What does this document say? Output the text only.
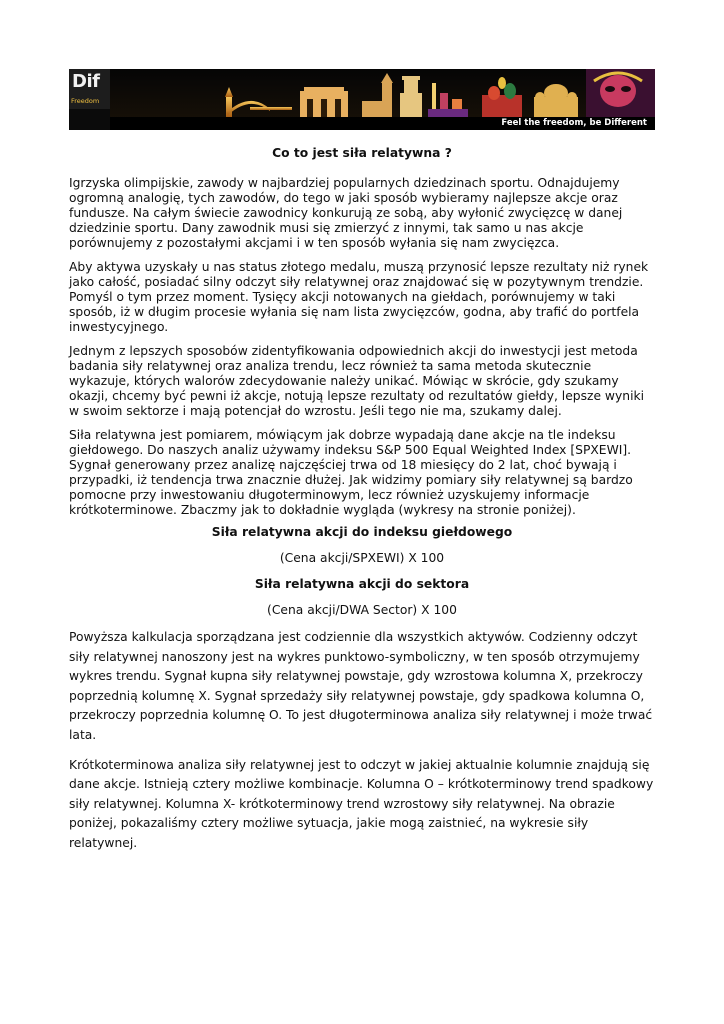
Dif
Freedom
Feel the freedom, be Different
Co to jest siła relatywna ?

Igrzyska olimpijskie, zawody w najbardziej popularnych dziedzinach sportu. Odnajdujemy ogromną analogię, tych zawodów, do tego w jaki sposób wybieramy najlepsze akcje oraz fundusze. Na całym świecie zawodnicy konkurują ze sobą, aby wyłonić zwycięzcę w danej dziedzinie sportu. Dany zawodnik musi się zmierzyć z innymi, tak samo u nas akcje porównujemy z pozostałymi akcjami i w ten sposób wyłania się nam zwycięzca.

Aby aktywa uzyskały u nas status złotego medalu, muszą przynosić lepsze rezultaty niż rynek jako całość, posiadać silny odczyt siły relatywnej oraz znajdować się w pozytywnym trendzie. Pomyśl o tym przez moment. Tysięcy akcji notowanych na giełdach, porównujemy w taki sposób, iż w długim procesie wyłania się nam lista zwycięzców, godna, aby trafić do portfela inwestycyjnego.

Jednym z lepszych sposobów zidentyfikowania odpowiednich akcji do inwestycji jest metoda badania siły relatywnej oraz analiza trendu, lecz również ta sama metoda skutecznie wykazuje, których walorów zdecydowanie należy unikać. Mówiąc w skrócie, gdy szukamy okazji, chcemy być pewni iż akcje, notują lepsze rezultaty od rezultatów giełdy, lepsze wyniki w swoim sektorze i mają potencjał do wzrostu. Jeśli tego nie ma, szukamy dalej.

Siła relatywna jest pomiarem, mówiącym jak dobrze wypadają dane akcje na tle indeksu giełdowego. Do naszych analiz używamy indeksu S&P 500 Equal Weighted Index [SPXEWI]. Sygnał generowany przez analizę najczęściej trwa od 18 miesięcy do 2 lat, choć bywają i przypadki, iż tendencja trwa znacznie dłużej. Jak widzimy pomiary siły relatywnej są bardzo pomocne przy inwestowaniu długoterminowym, lecz również uzyskujemy informacje krótkoterminowe. Zbaczmy jak to dokładnie wygląda (wykresy na stronie poniżej).

Siła relatywna akcji do indeksu giełdowego
(Cena akcji/SPXEWI) X 100
Siła relatywna akcji do sektora
(Cena akcji/DWA Sector) X 100

Powyższa kalkulacja sporządzana jest codziennie dla wszystkich aktywów. Codzienny odczyt siły relatywnej nanoszony jest na wykres punktowo-symboliczny, w ten sposób otrzymujemy wykres trendu. Sygnał kupna siły relatywnej powstaje, gdy wzrostowa kolumna X, przekroczy poprzednią kolumnę X. Sygnał sprzedaży siły relatywnej powstaje, gdy spadkowa kolumna O, przekroczy poprzednia kolumnę O. To jest długoterminowa analiza siły relatywnej i może trwać lata.

Krótkoterminowa analiza siły relatywnej jest to odczyt w jakiej aktualnie kolumnie znajdują się dane akcje. Istnieją cztery możliwe kombinacje. Kolumna O – krótkoterminowy trend spadkowy siły relatywnej. Kolumna X- krótkoterminowy trend wzrostowy siły relatywnej. Na obrazie poniżej, pokazaliśmy cztery możliwe sytuacja, jakie mogą zaistnieć, na wykresie siły relatywnej.
